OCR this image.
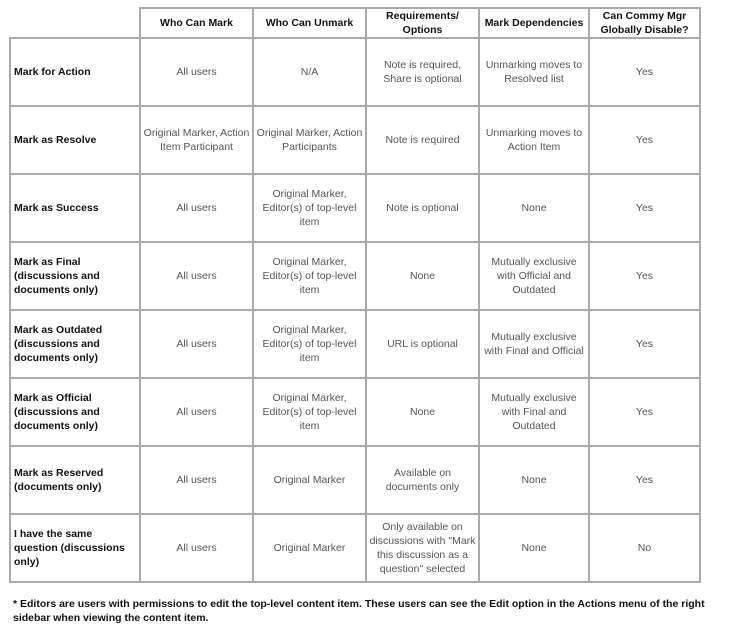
	Who Can Mark	Who Can Unmark	Requirements/ Options	Mark Dependencies	Can Commy Mgr Globally Disable?
Mark for Action	All users	N/A	Note is required, Share is optional	Unmarking moves to Resolved list	Yes
Mark as Resolve	Original Marker, Action Item Participant	Original Marker, Action Participants	Note is required	Unmarking moves to Action Item	Yes
Mark as Success	All users	Original Marker, Editor(s) of top-level item	Note is optional	None	Yes
Mark as Final (discussions and documents only)	All users	Original Marker, Editor(s) of top-level item	None	Mutually exclusive with Official and Outdated	Yes
Mark as Outdated (discussions and documents only)	All users	Original Marker, Editor(s) of top-level item	URL is optional	Mutually exclusive with Final and Official	Yes
Mark as Official (discussions and documents only)	All users	Original Marker, Editor(s) of top-level item	None	Mutually exclusive with Final and Outdated	Yes
Mark as Reserved (documents only)	All users	Original Marker	Available on documents only	None	Yes
I have the same question (discussions only)	All users	Original Marker	Only available on discussions with "Mark this discussion as a question" selected	None	No
* Editors are users with permissions to edit the top-level content item. These users can see the Edit option in the Actions menu of the right sidebar when viewing the content item.
